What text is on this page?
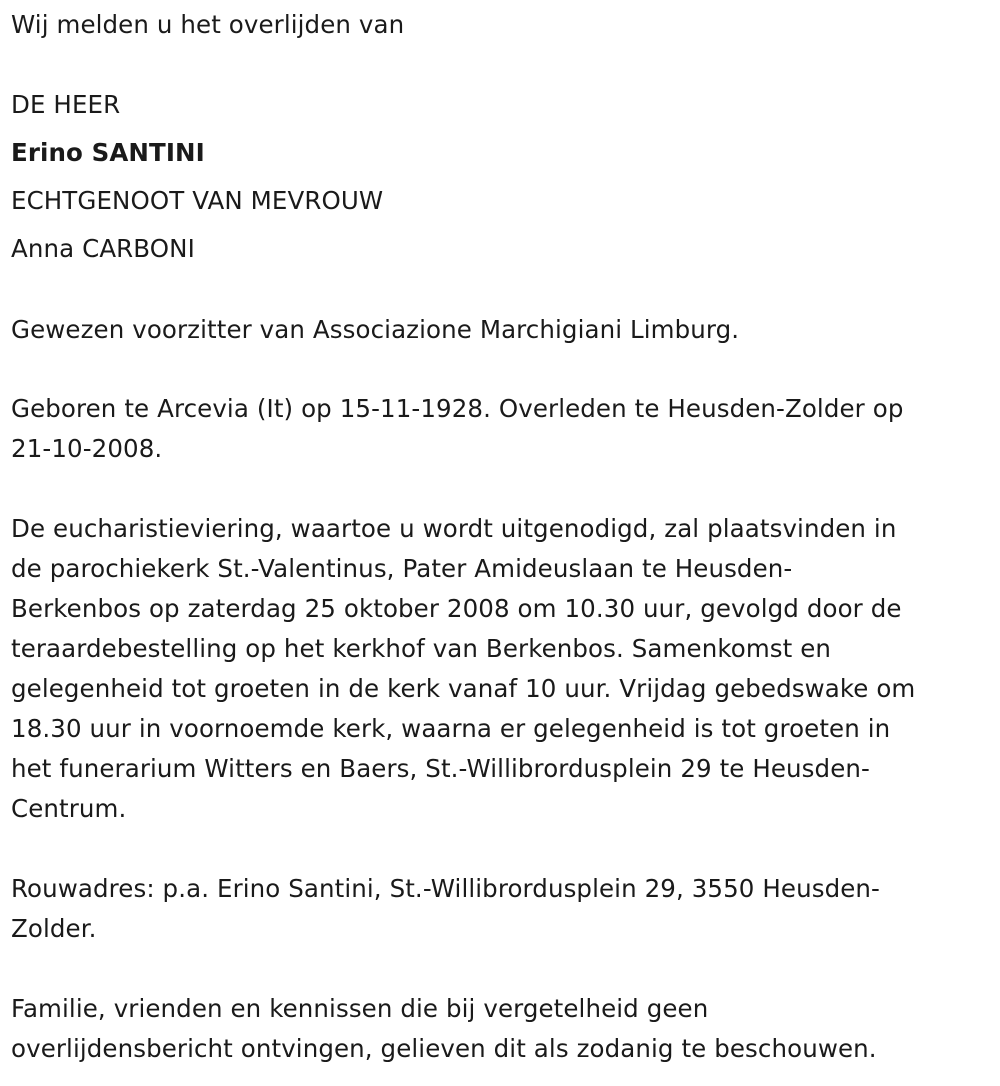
Wij melden u het overlijden van
DE HEER
Erino SANTINI
ECHTGENOOT VAN MEVROUW
Anna CARBONI
Gewezen voorzitter van Associazione Marchigiani Limburg.
Geboren te Arcevia (It) op 15-11-1928. Overleden te Heusden-Zolder op
21-10-2008.
De eucharistieviering, waartoe u wordt uitgenodigd, zal plaatsvinden in
de parochiekerk St.-Valentinus, Pater Amideuslaan te Heusden-
Berkenbos op zaterdag 25 oktober 2008 om 10.30 uur, gevolgd door de
teraardebestelling op het kerkhof van Berkenbos. Samenkomst en
gelegenheid tot groeten in de kerk vanaf 10 uur. Vrijdag gebedswake om
18.30 uur in voornoemde kerk, waarna er gelegenheid is tot groeten in
het funerarium Witters en Baers, St.-Willibrordusplein 29 te Heusden-
Centrum.
Rouwadres: p.a. Erino Santini, St.-Willibrordusplein 29, 3550 Heusden-
Zolder.
Familie, vrienden en kennissen die bij vergetelheid geen
overlijdensbericht ontvingen, gelieven dit als zodanig te beschouwen.
